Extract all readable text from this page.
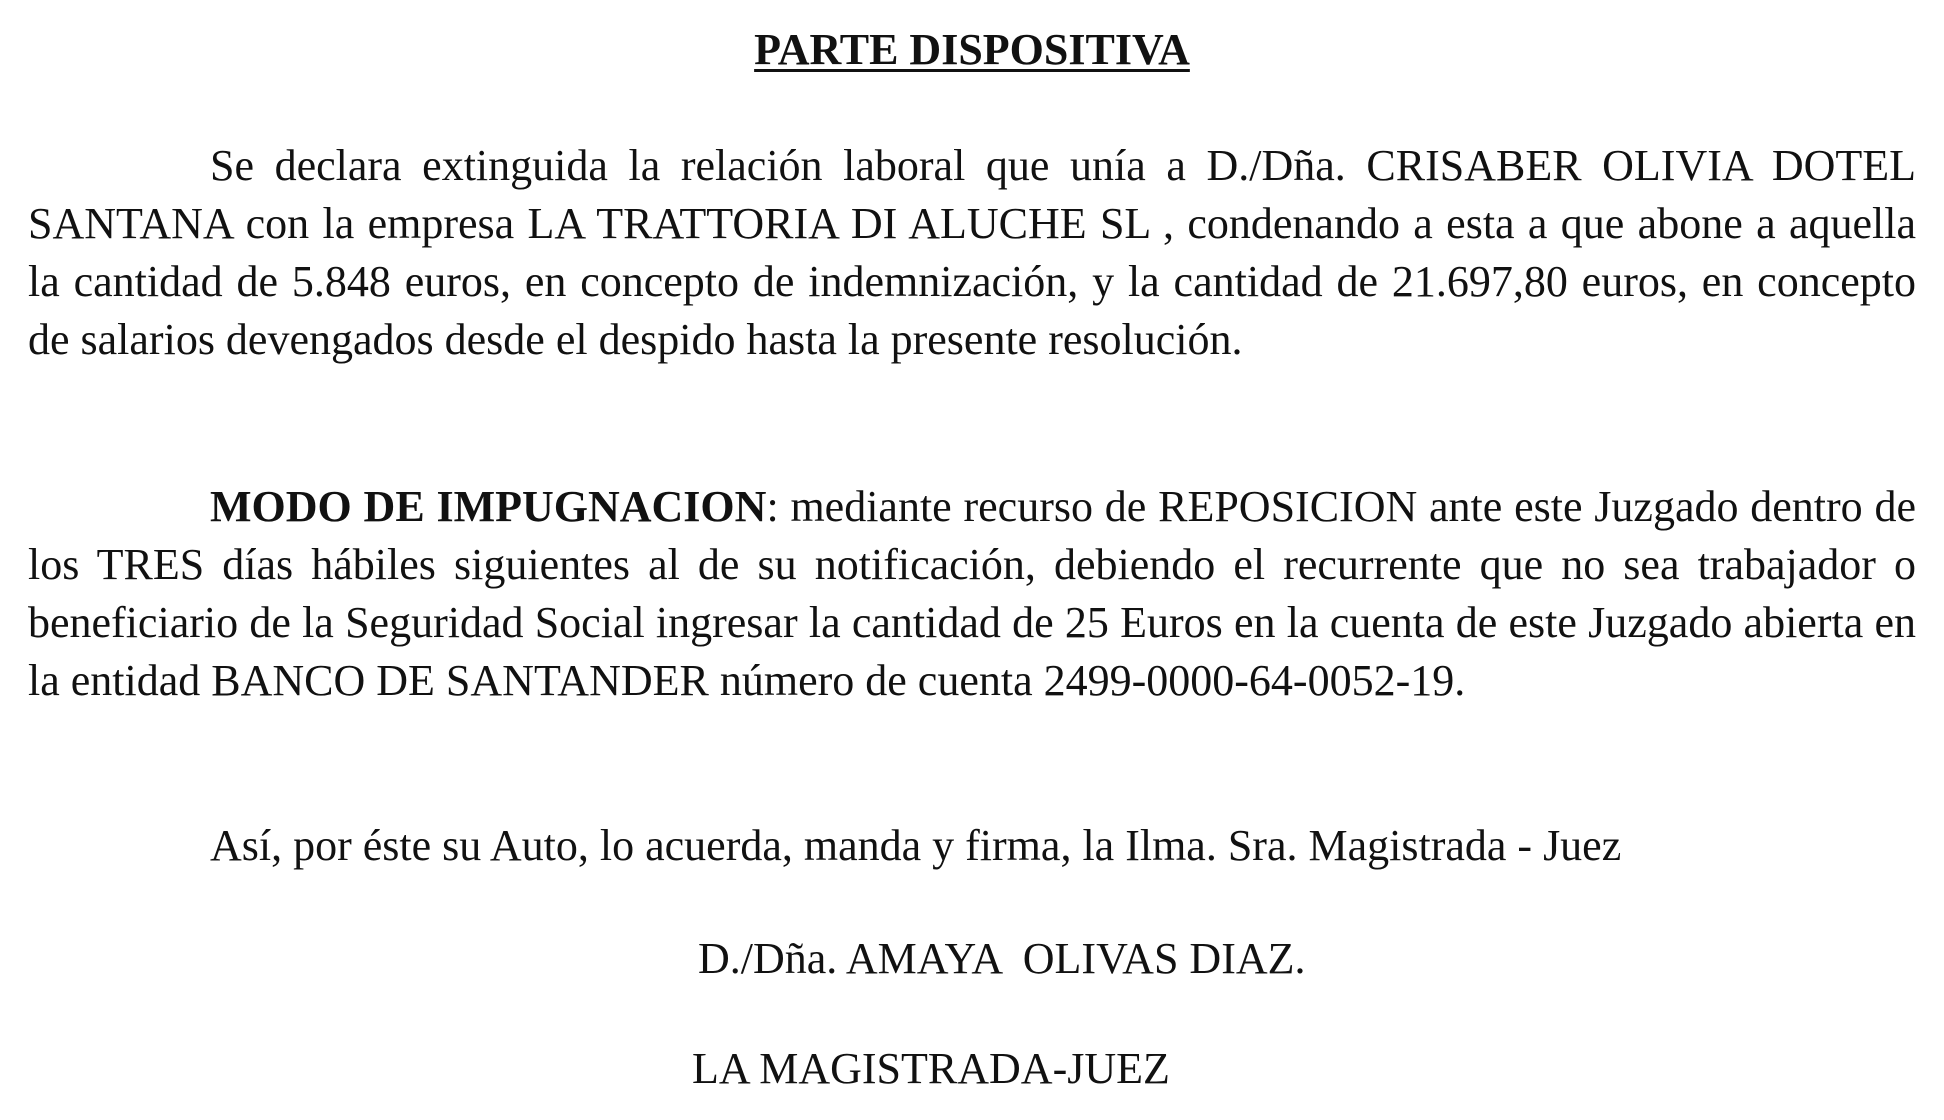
PARTE DISPOSITIVA

Se declara extinguida la relación laboral que unía a D./Dña. CRISABER OLIVIA DOTEL SANTANA con la empresa LA TRATTORIA DI ALUCHE SL , condenando a esta a que abone a aquella la cantidad de 5.848 euros, en concepto de indemnización, y la cantidad de 21.697,80 euros, en concepto de salarios devengados desde el despido hasta la presente resolución.

MODO DE IMPUGNACION: mediante recurso de REPOSICION ante este Juzgado dentro de los TRES días hábiles siguientes al de su notificación, debiendo el recurrente que no sea trabajador o beneficiario de la Seguridad Social ingresar la cantidad de 25 Euros en la cuenta de este Juzgado abierta en la entidad BANCO DE SANTANDER número de cuenta 2499-0000-64-0052-19.

Así, por éste su Auto, lo acuerda, manda y firma, la Ilma. Sra. Magistrada - Juez
D./Dña. AMAYA  OLIVAS DIAZ.
LA MAGISTRADA-JUEZ
